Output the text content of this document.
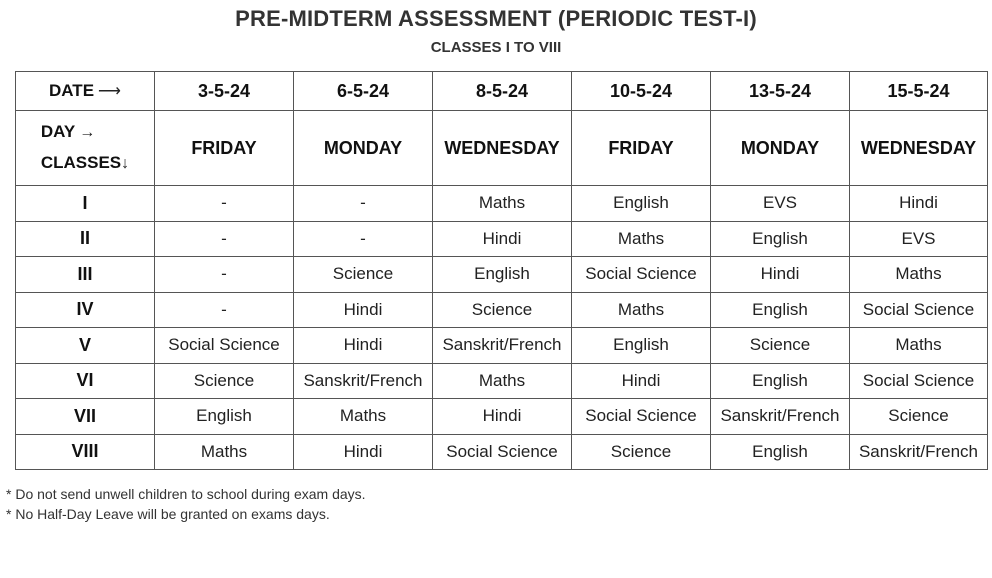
PRE-MIDTERM ASSESSMENT (PERIODIC TEST-I)
CLASSES I TO VIII
DATE ⟶	3-5-24	6-5-24	8-5-24	10-5-24	13-5-24	15-5-24

DAY →
CLASSES↓	FRIDAY	MONDAY	WEDNESDAY	FRIDAY	MONDAY	WEDNESDAY
I	-	-	Maths	English	EVS	Hindi
II	-	-	Hindi	Maths	English	EVS
III	-	Science	English	Social Science	Hindi	Maths
IV	-	Hindi	Science	Maths	English	Social Science
V	Social Science	Hindi	Sanskrit/French	English	Science	Maths
VI	Science	Sanskrit/French	Maths	Hindi	English	Social Science
VII	English	Maths	Hindi	Social Science	Sanskrit/French	Science
VIII	Maths	Hindi	Social Science	Science	English	Sanskrit/French
* Do not send unwell children to school during exam days.
* No Half-Day Leave will be granted on exams days.
